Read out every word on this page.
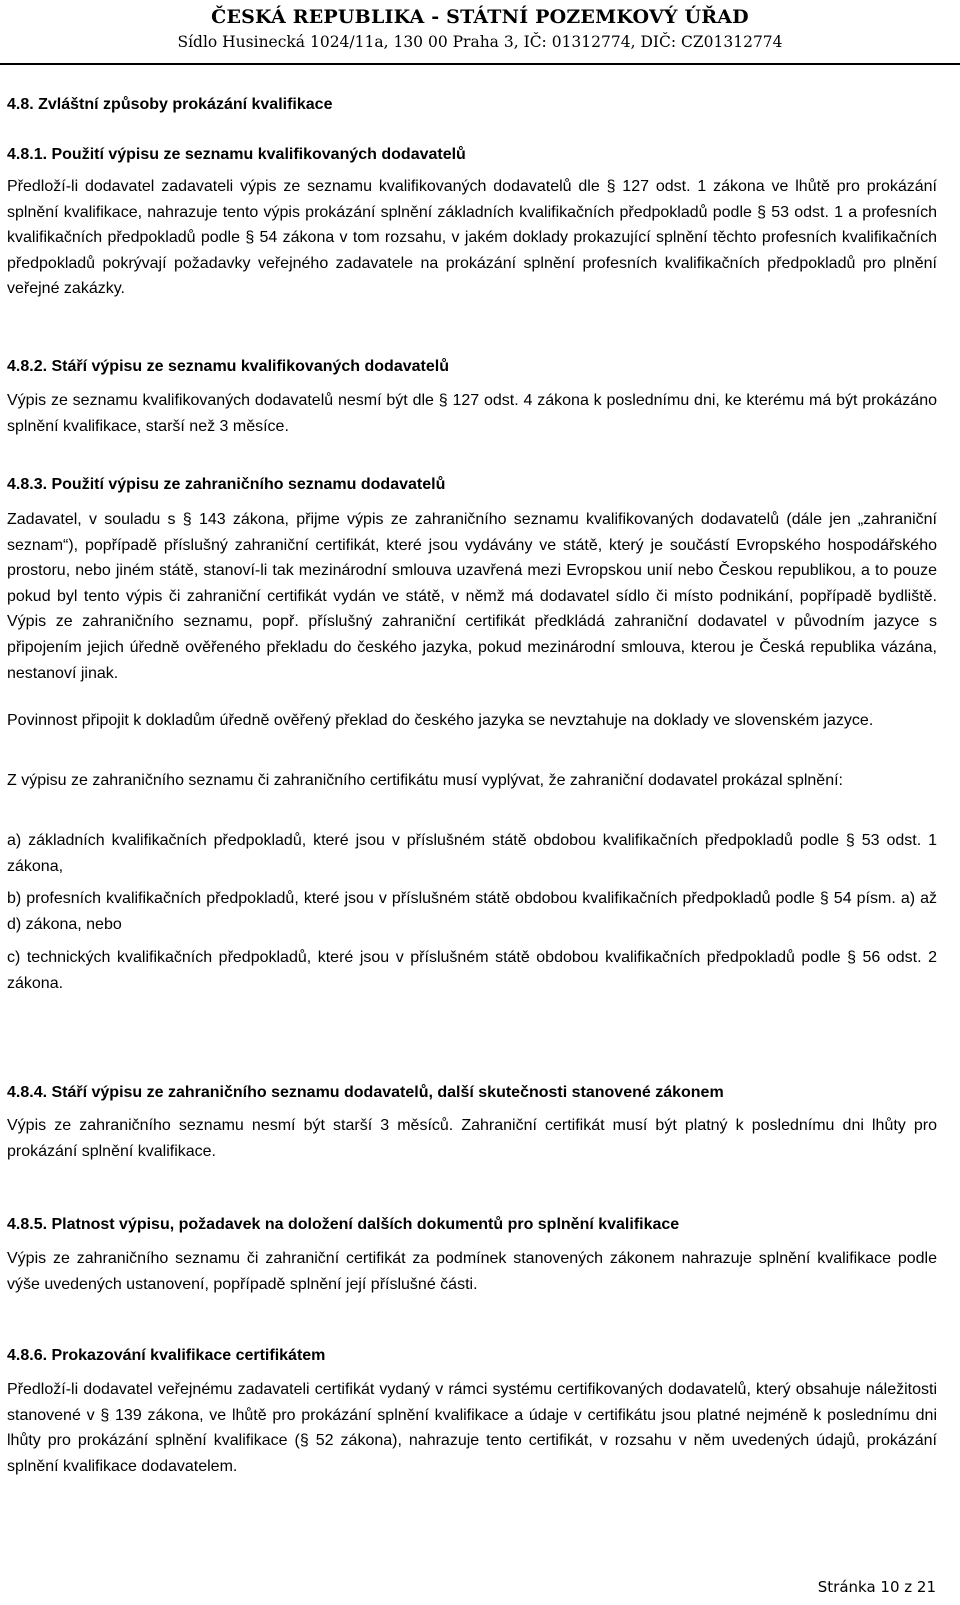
ČESKÁ REPUBLIKA - STÁTNÍ POZEMKOVÝ ÚŘAD
Sídlo Husinecká 1024/11a, 130 00 Praha 3, IČ: 01312774, DIČ: CZ01312774
4.8. Zvláštní způsoby prokázání kvalifikace
4.8.1. Použití výpisu ze seznamu kvalifikovaných dodavatelů
Předloží-li dodavatel zadavateli výpis ze seznamu kvalifikovaných dodavatelů dle § 127 odst. 1 zákona ve lhůtě pro prokázání splnění kvalifikace, nahrazuje tento výpis prokázání splnění základních kvalifikačních předpokladů podle § 53 odst. 1 a profesních kvalifikačních předpokladů podle § 54 zákona v tom rozsahu, v jakém doklady prokazující splnění těchto profesních kvalifikačních předpokladů pokrývají požadavky veřejného zadavatele na prokázání splnění profesních kvalifikačních předpokladů pro plnění veřejné zakázky.
4.8.2. Stáří výpisu ze seznamu kvalifikovaných dodavatelů
Výpis ze seznamu kvalifikovaných dodavatelů nesmí být dle § 127 odst. 4 zákona k poslednímu dni, ke kterému má být prokázáno splnění kvalifikace, starší než 3 měsíce.
4.8.3. Použití výpisu ze zahraničního seznamu dodavatelů
Zadavatel, v souladu s § 143 zákona, přijme výpis ze zahraničního seznamu kvalifikovaných dodavatelů (dále jen „zahraniční seznam“), popřípadě příslušný zahraniční certifikát, které jsou vydávány ve státě, který je součástí Evropského hospodářského prostoru, nebo jiném státě, stanoví-li tak mezinárodní smlouva uzavřená mezi Evropskou unií nebo Českou republikou, a to pouze pokud byl tento výpis či zahraniční certifikát vydán ve státě, v němž má dodavatel sídlo či místo podnikání, popřípadě bydliště. Výpis ze zahraničního seznamu, popř. příslušný zahraniční certifikát předkládá zahraniční dodavatel v původním jazyce s připojením jejich úředně ověřeného překladu do českého jazyka, pokud mezinárodní smlouva, kterou je Česká republika vázána, nestanoví jinak.
Povinnost připojit k dokladům úředně ověřený překlad do českého jazyka se nevztahuje na doklady ve slovenském jazyce.
Z výpisu ze zahraničního seznamu či zahraničního certifikátu musí vyplývat, že zahraniční dodavatel prokázal splnění:
a) základních kvalifikačních předpokladů, které jsou v příslušném státě obdobou kvalifikačních předpokladů podle § 53 odst. 1 zákona,
b) profesních kvalifikačních předpokladů, které jsou v příslušném státě obdobou kvalifikačních předpokladů podle § 54 písm. a) až d) zákona, nebo
c) technických kvalifikačních předpokladů, které jsou v příslušném státě obdobou kvalifikačních předpokladů podle § 56 odst. 2 zákona.
4.8.4. Stáří výpisu ze zahraničního seznamu dodavatelů, další skutečnosti stanovené zákonem
Výpis ze zahraničního seznamu nesmí být starší 3 měsíců. Zahraniční certifikát musí být platný k poslednímu dni lhůty pro prokázání splnění kvalifikace.
4.8.5. Platnost výpisu, požadavek na doložení dalších dokumentů pro splnění kvalifikace
Výpis ze zahraničního seznamu či zahraniční certifikát za podmínek stanovených zákonem nahrazuje splnění kvalifikace podle výše uvedených ustanovení, popřípadě splnění její příslušné části.
4.8.6. Prokazování kvalifikace certifikátem
Předloží-li dodavatel veřejnému zadavateli certifikát vydaný v rámci systému certifikovaných dodavatelů, který obsahuje náležitosti stanovené v § 139 zákona, ve lhůtě pro prokázání splnění kvalifikace a údaje v certifikátu jsou platné nejméně k poslednímu dni lhůty pro prokázání splnění kvalifikace (§ 52 zákona), nahrazuje tento certifikát, v rozsahu v něm uvedených údajů, prokázání splnění kvalifikace dodavatelem.
Stránka 10 z 21
